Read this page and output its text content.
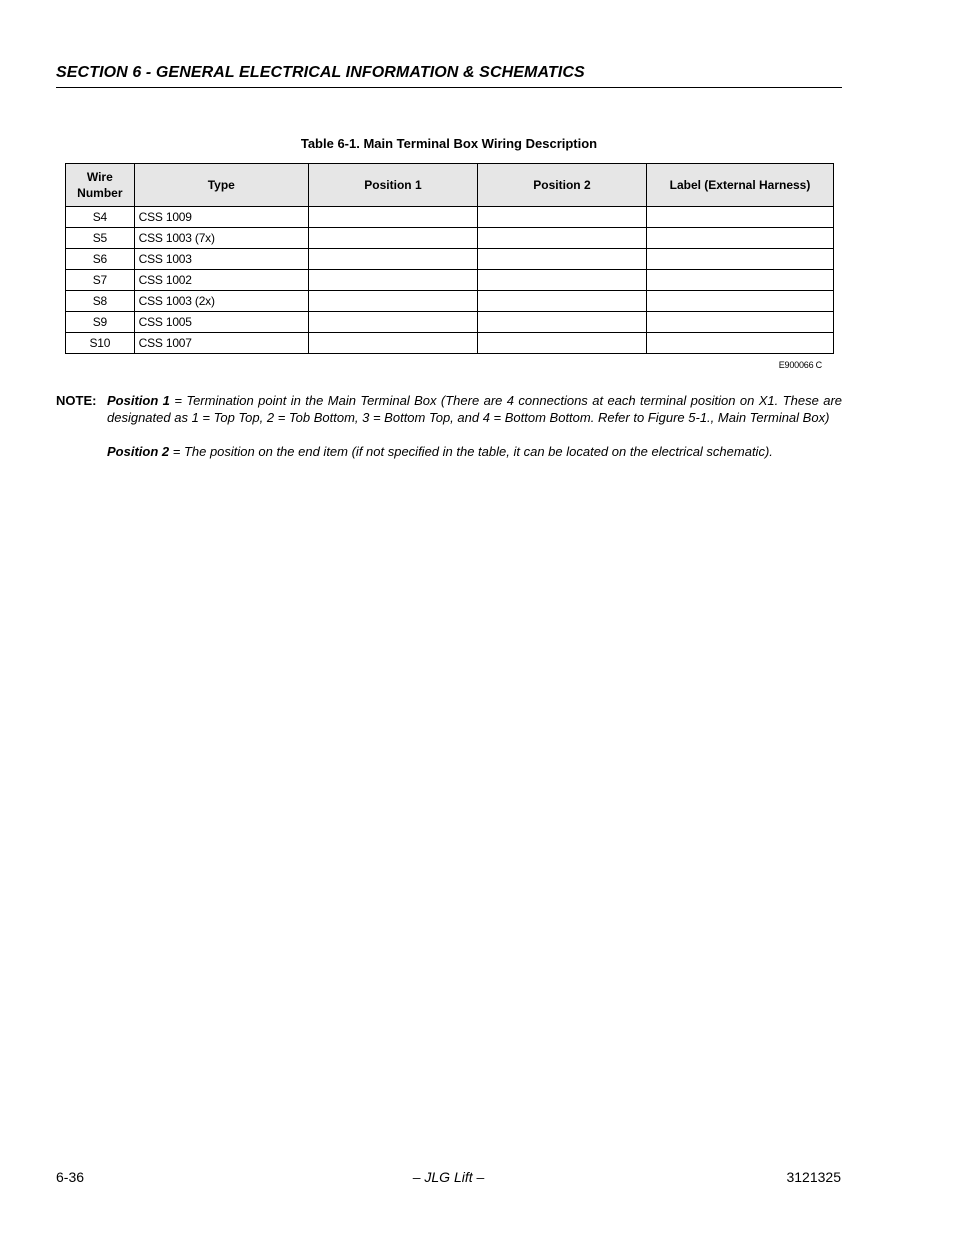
SECTION 6 - GENERAL ELECTRICAL INFORMATION & SCHEMATICS
Table 6-1. Main Terminal Box Wiring Description
Wire
Number	Type	Position 1	Position 2	Label (External Harness)
S4	CSS 1009			
S5	CSS 1003 (7x)			
S6	CSS 1003			
S7	CSS 1002			
S8	CSS 1003 (2x)			
S9	CSS 1005			
S10	CSS 1007			
E900066 C
NOTE: Position 1 = Termination point in the Main Terminal Box (There are 4 connections at each terminal position on X1. These are designated as 1 = Top Top, 2 = Tob Bottom, 3 = Bottom Top, and 4 = Bottom Bottom. Refer to Figure 5-1., Main Terminal Box)
Position 2 = The position on the end item (if not specified in the table, it can be located on the electrical schematic).
6-36	– JLG Lift –	3121325
